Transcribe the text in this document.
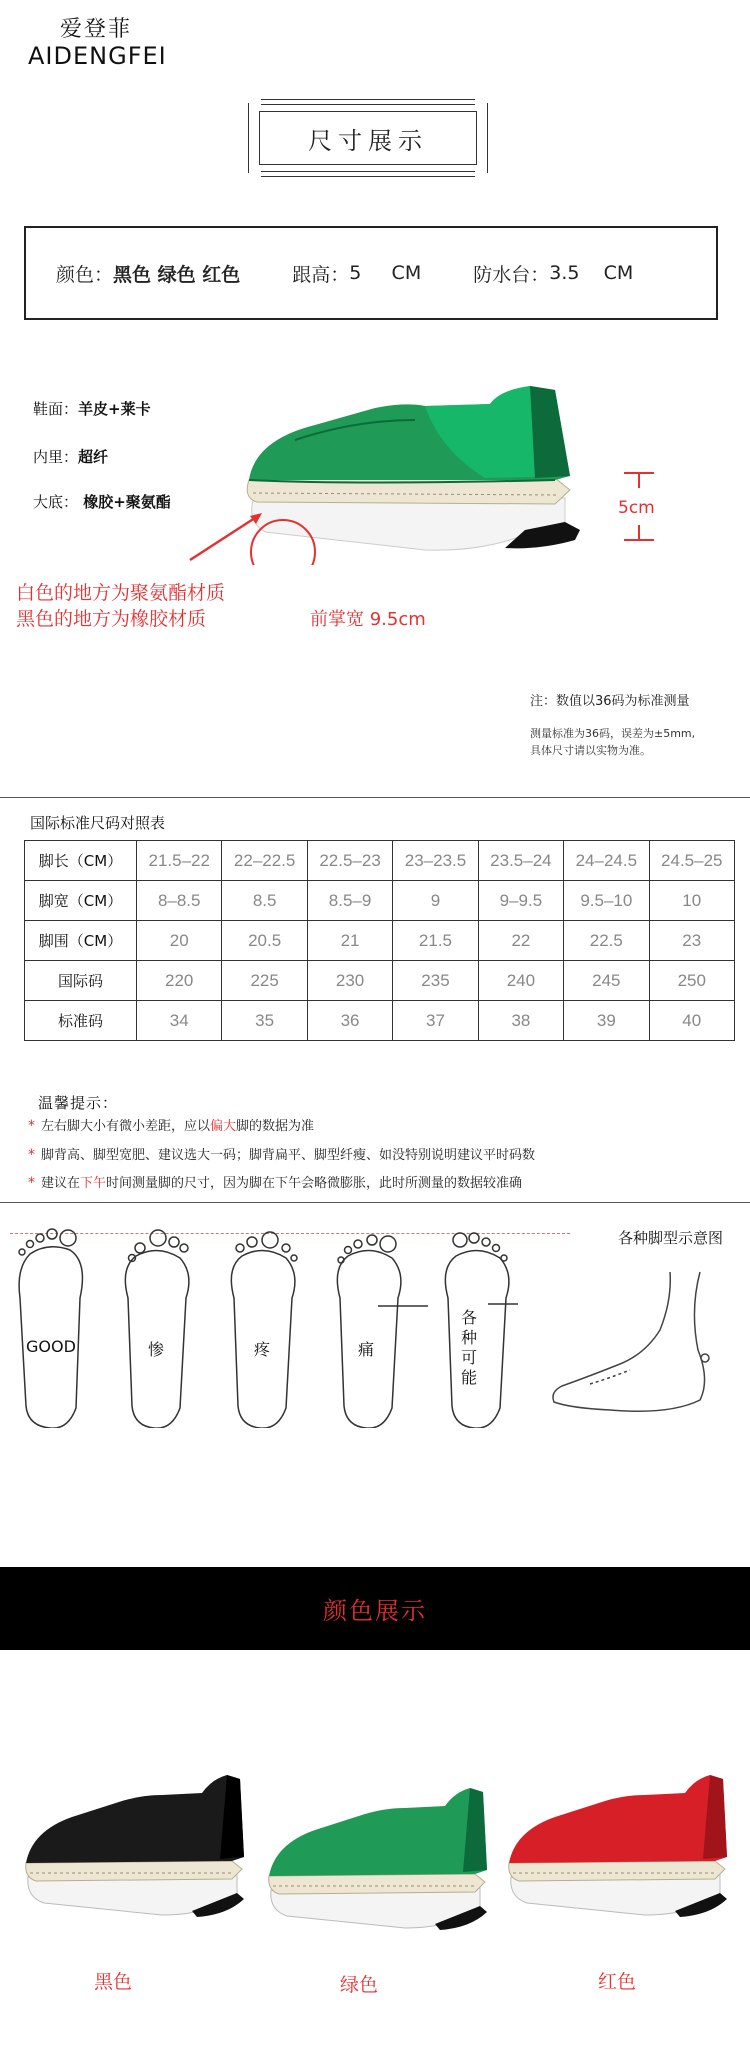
爱登菲
AIDENGFEI
尺寸展示
颜色： 黑色 绿色 红色	跟高： 5     CM	防水台： 3.5    CM
鞋面：羊皮+莱卡
内里：超纤
大底： 橡胶+聚氨酯	5cm
白色的地方为聚氨酯材质
黑色的地方为橡胶材质	前掌宽 9.5cm
注：数值以36码为标准测量
测量标准为36码，误差为±5mm,
具体尺寸请以实物为准。
国际标准尺码对照表
脚长（CM）	21.5–22	22–22.5	22.5–23	23–23.5	23.5–24	24–24.5	24.5–25
脚宽（CM）	8–8.5	8.5	8.5–9	9	9–9.5	9.5–10	10
脚围（CM）	20	20.5	21	21.5	22	22.5	23
国际码	220	225	230	235	240	245	250
标准码	34	35	36	37	38	39	40
温馨提示：
* 左右脚大小有微小差距，应以偏大脚的数据为准
* 脚背高、脚型宽肥、建议选大一码；脚背扁平、脚型纤瘦、如没特别说明建议平时码数
* 建议在下午时间测量脚的尺寸，因为脚在下午会略微膨胀，此时所测量的数据较准确
各种脚型示意图
GOOD	惨	疼	痛
各种可能
颜色展示
黑色	绿色	红色
